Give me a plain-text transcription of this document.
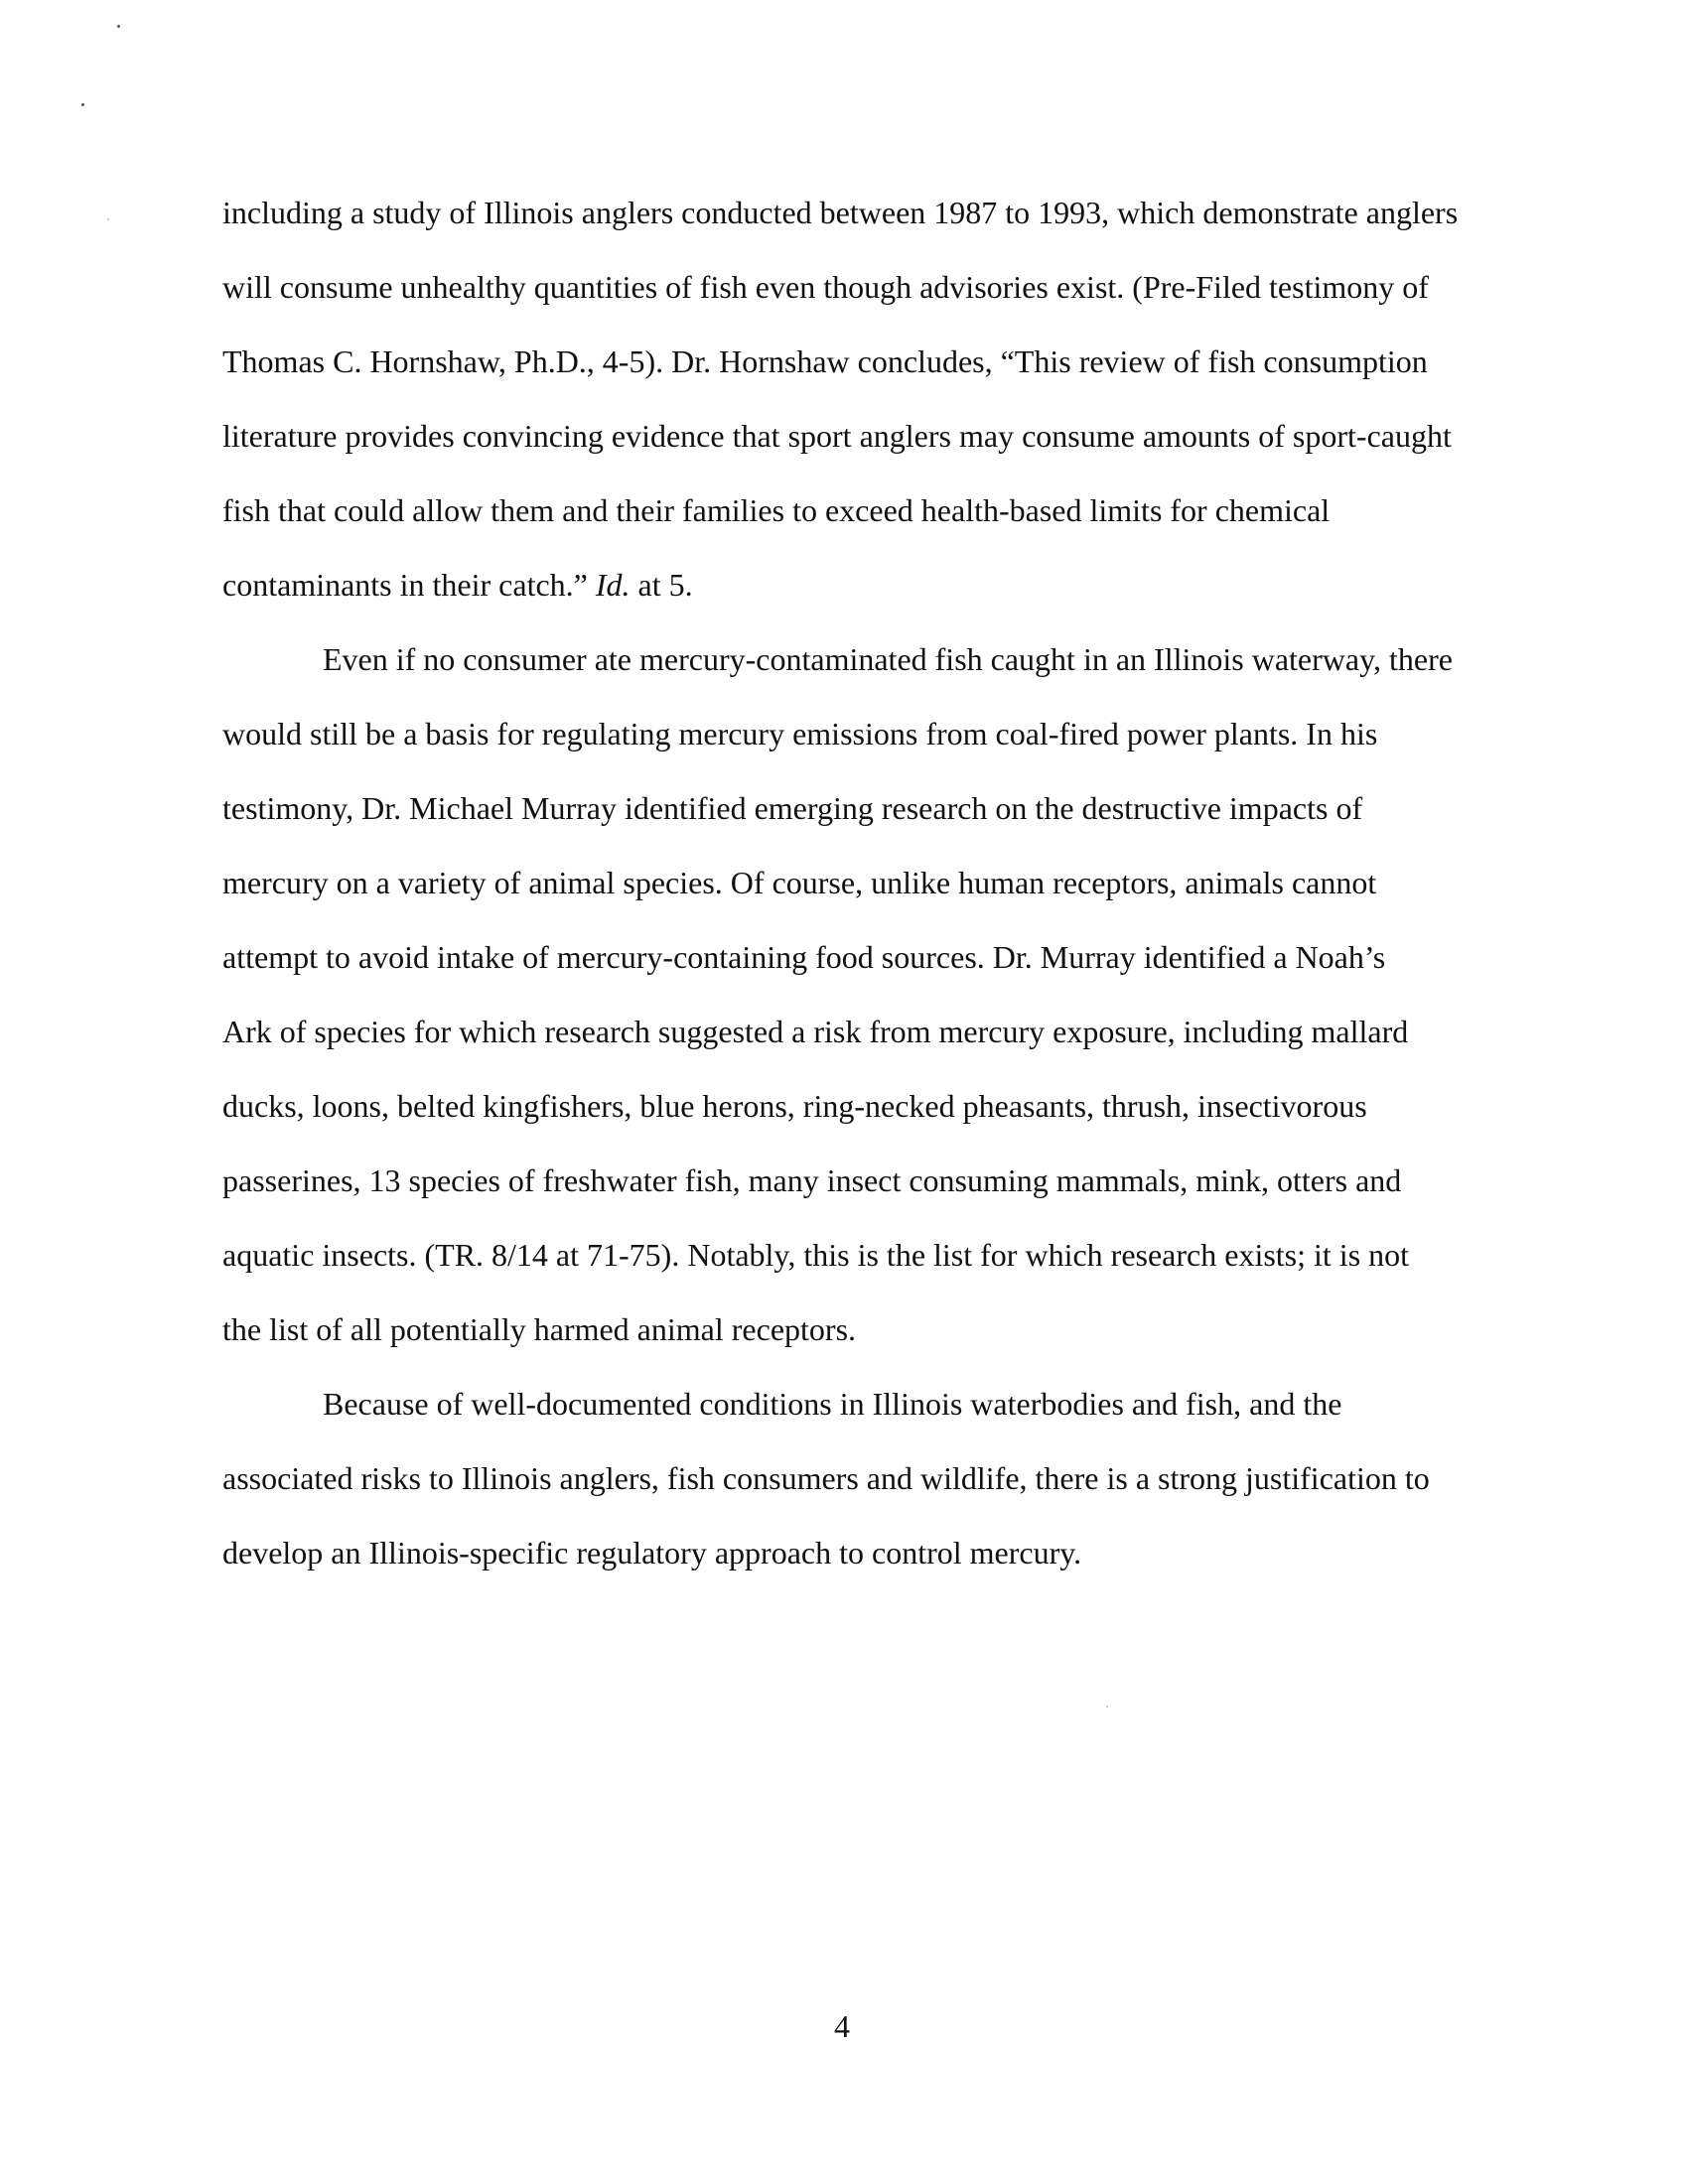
including a study of Illinois anglers conducted between 1987 to 1993, which demonstrate anglers

will consume unhealthy quantities of fish even though advisories exist. (Pre-Filed testimony of

Thomas C. Hornshaw, Ph.D., 4-5). Dr. Hornshaw concludes, “This review of fish consumption

literature provides convincing evidence that sport anglers may consume amounts of sport-caught

fish that could allow them and their families to exceed health-based limits for chemical

contaminants in their catch.” Id. at 5.

Even if no consumer ate mercury-contaminated fish caught in an Illinois waterway, there

would still be a basis for regulating mercury emissions from coal-fired power plants. In his

testimony, Dr. Michael Murray identified emerging research on the destructive impacts of

mercury on a variety of animal species. Of course, unlike human receptors, animals cannot

attempt to avoid intake of mercury-containing food sources. Dr. Murray identified a Noah’s

Ark of species for which research suggested a risk from mercury exposure, including mallard

ducks, loons, belted kingfishers, blue herons, ring-necked pheasants, thrush, insectivorous

passerines, 13 species of freshwater fish, many insect consuming mammals, mink, otters and

aquatic insects. (TR. 8/14 at 71-75). Notably, this is the list for which research exists; it is not

the list of all potentially harmed animal receptors.

Because of well-documented conditions in Illinois waterbodies and fish, and the

associated risks to Illinois anglers, fish consumers and wildlife, there is a strong justification to

develop an Illinois-specific regulatory approach to control mercury.

4
